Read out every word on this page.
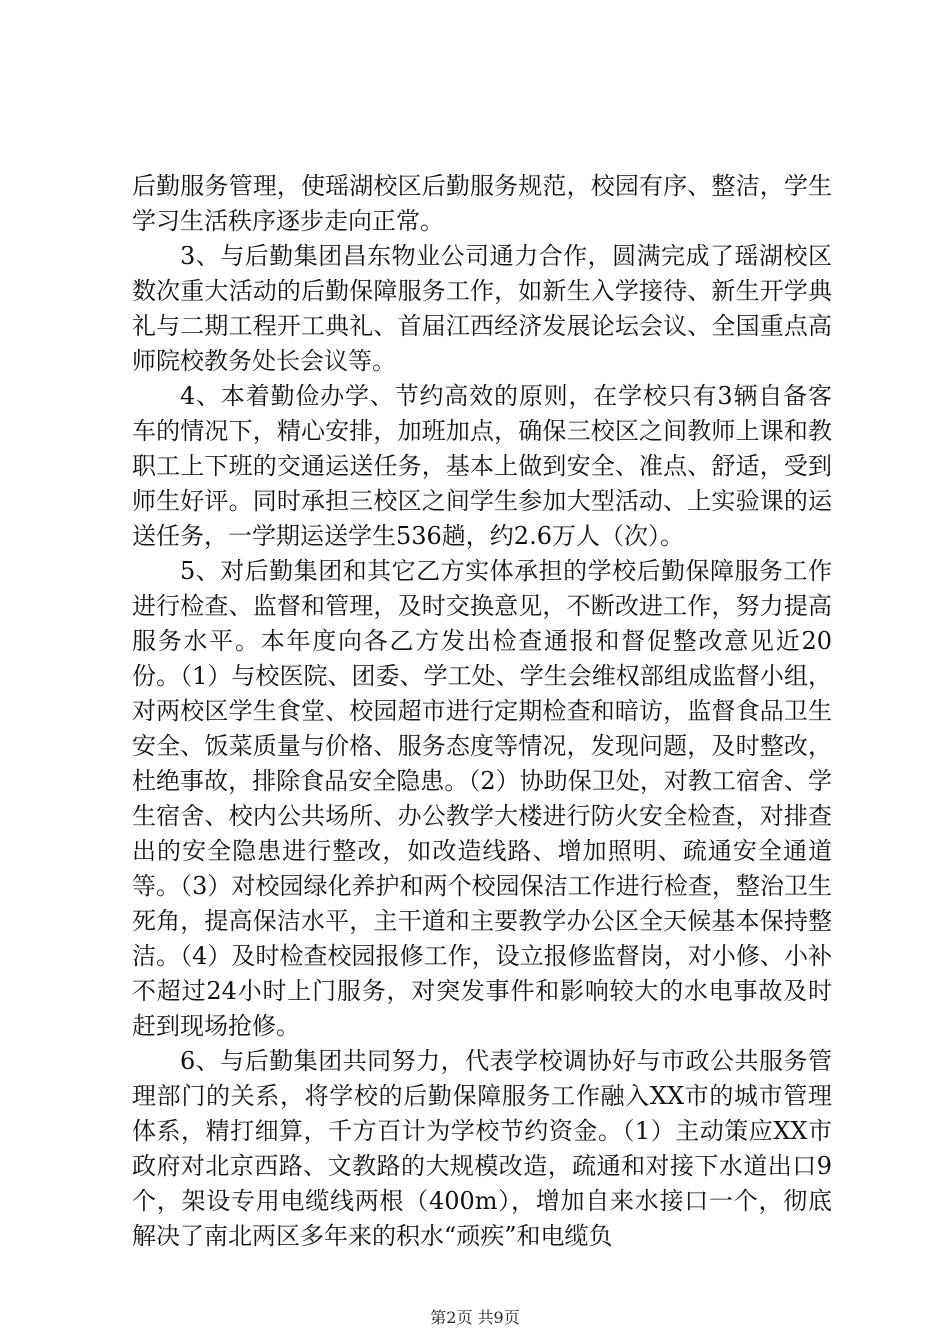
后勤服务管理，使瑶湖校区后勤服务规范，校园有序、整洁，学生学习生活秩序逐步走向正常。

3、与后勤集团昌东物业公司通力合作，圆满完成了瑶湖校区数次重大活动的后勤保障服务工作，如新生入学接待、新生开学典礼与二期工程开工典礼、首届江西经济发展论坛会议、全国重点高师院校教务处长会议等。

4、本着勤俭办学、节约高效的原则，在学校只有3辆自备客车的情况下，精心安排，加班加点，确保三校区之间教师上课和教职工上下班的交通运送任务，基本上做到安全、准点、舒适，受到师生好评。同时承担三校区之间学生参加大型活动、上实验课的运送任务，一学期运送学生536趟，约2.6万人（次）。

5、对后勤集团和其它乙方实体承担的学校后勤保障服务工作进行检查、监督和管理，及时交换意见，不断改进工作，努力提高服务水平。本年度向各乙方发出检查通报和督促整改意见近20份。（1）与校医院、团委、学工处、学生会维权部组成监督小组，对两校区学生食堂、校园超市进行定期检查和暗访，监督食品卫生安全、饭菜质量与价格、服务态度等情况，发现问题，及时整改，杜绝事故，排除食品安全隐患。（2）协助保卫处，对教工宿舍、学生宿舍、校内公共场所、办公教学大楼进行防火安全检查，对排查出的安全隐患进行整改，如改造线路、增加照明、疏通安全通道等。（3）对校园绿化养护和两个校园保洁工作进行检查，整治卫生死角，提高保洁水平，主干道和主要教学办公区全天候基本保持整洁。（4）及时检查校园报修工作，设立报修监督岗，对小修、小补不超过24小时上门服务，对突发事件和影响较大的水电事故及时赶到现场抢修。

6、与后勤集团共同努力，代表学校调协好与市政公共服务管理部门的关系，将学校的后勤保障服务工作融入XX市的城市管理体系，精打细算，千方百计为学校节约资金。（1）主动策应XX市政府对北京西路、文教路的大规模改造，疏通和对接下水道出口9个，架设专用电缆线两根（400m），增加自来水接口一个，彻底解决了南北两区多年来的积水“顽疾”和电缆负

第2页 共9页
